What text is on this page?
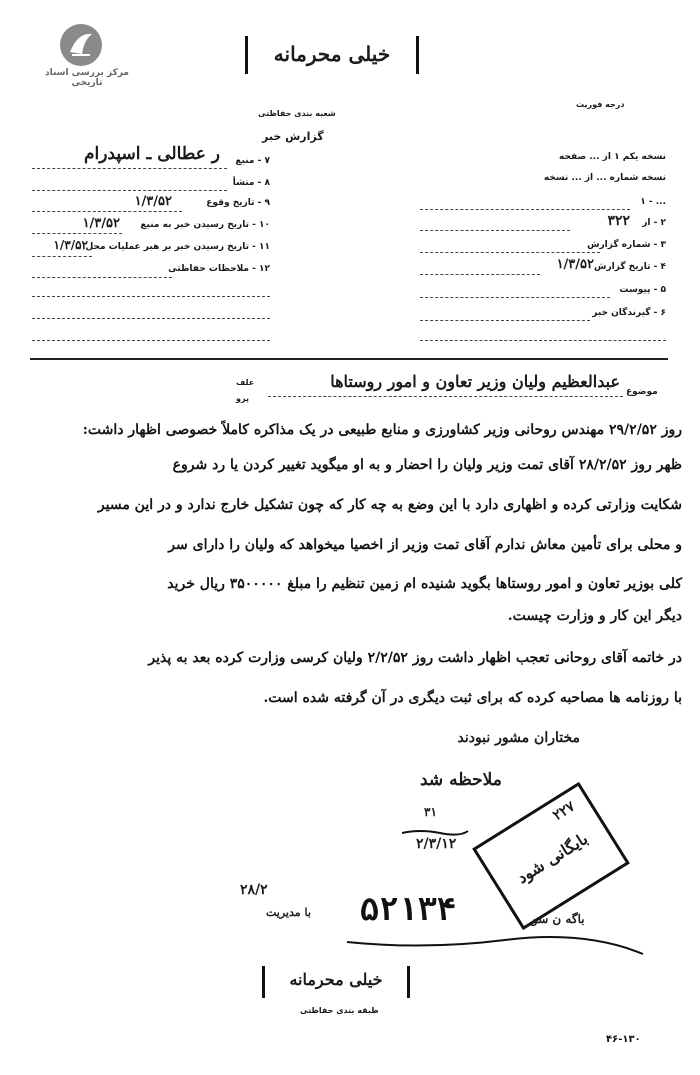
مرکز بررسی اسناد تاریخی
خیلی محرمانه
درجه فوریت
شعبه بندی حفاظتی
گزارش خبر
۷ - منبع
ر عطالی ـ اسپدرام
۸ - منشأ
۹ - تاریخ وقوع
۱/۳/۵۲
۱۰ - تاریخ رسیدن خبر به منبع
۱/۳/۵۲
۱۱ - تاریخ رسیدن خبر بر هبر عملیات محل
۱/۳/۵۲
۱۲ - ملاحظات حفاظتی
نسخه یکم ۱ از ... صفحه
نسخه شماره ... از ... نسخه
۱ - ...
۲ - از
۳۲۲
۳ - شماره گزارش
۴ - تاریخ گزارش
۱/۳/۵۲
۵ - پیوست
۶ - گیرندگان خبر
موضوع
عبدالعظیم ولیان وزیر تعاون و امور روستاها
علف
پرو
روز ۲۹/۲/۵۲ مهندس روحانی وزیر کشاورزی و منابع طبیعی در یک مذاکره کاملاً خصوصی اظهار داشت:
ظهر روز ۲۸/۲/۵۲ آقای تمت وزیر ولیان را احضار و به او میگوید تغییر کردن یا رد شروع
شکایت وزارتی کرده و اظهاری دارد با این وضع به چه کار که چون تشکیل خارج ندارد و در این مسیر
و محلی برای تأمین معاش ندارم آقای تمت وزیر از اخصیا میخواهد که ولیان را دارای سر
کلی بوزیر تعاون و امور روستاها بگوید شنیده ام زمین تنظیم را مبلغ ۳۵۰۰۰۰۰ ریال خرید
دیگر این کار و وزارت چیست.
در خاتمه آقای روحانی تعجب اظهار داشت روز ۲/۲/۵۲ ولیان کرسی وزارت کرده بعد به پذیر
با روزنامه ها مصاحبه کرده که برای ثبت دیگری در آن گرفته شده است.
مختاران مشور نبودند
ملاحظه شد
۳۱
۲/۳/۱۲
۲۲۷
بایگانی شود
۵۲۱۳۴
با مدیریت
۲۸/۲
باگه ن سو
خیلی محرمانه
طبقه بندی حفاظتی
۴۶-۱۳۰
